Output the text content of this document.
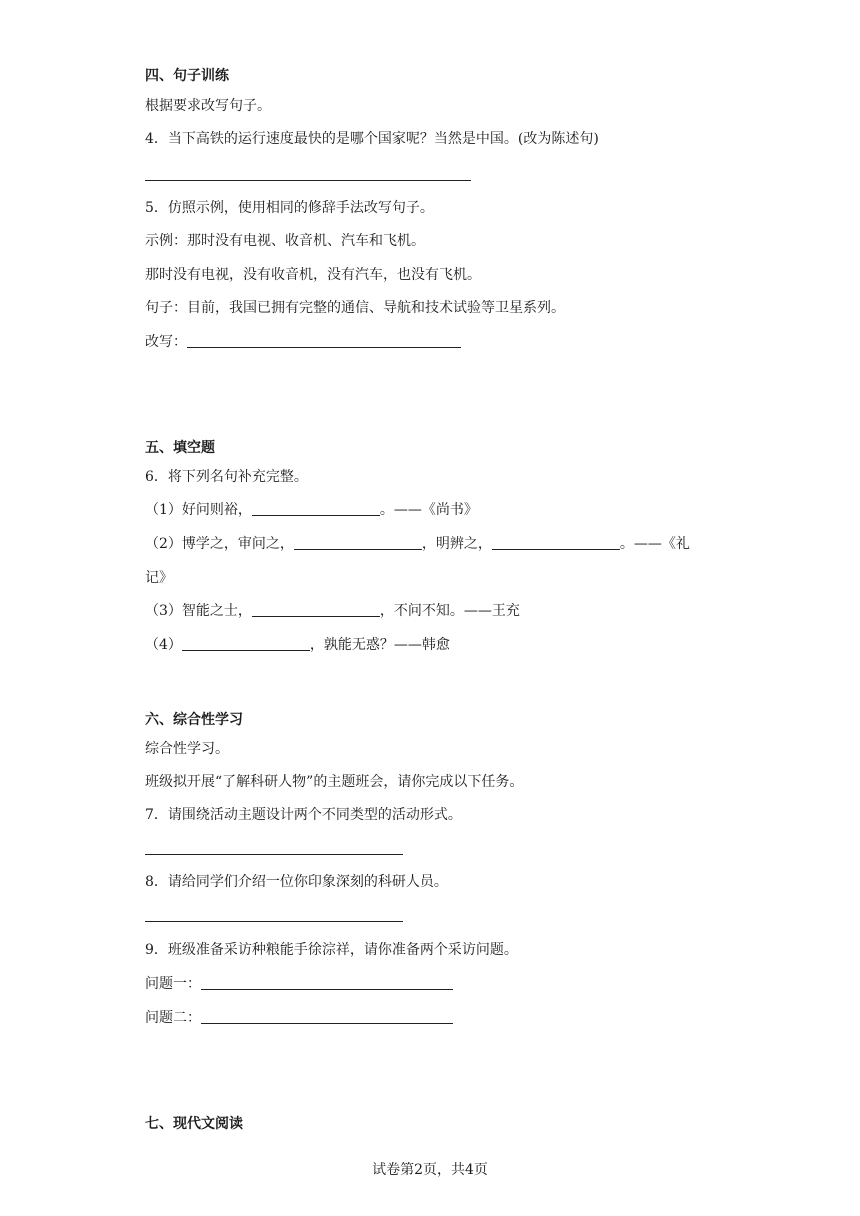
四、句子训练
根据要求改写句子。
4．当下高铁的运行速度最快的是哪个国家呢？当然是中国。(改为陈述句)
5．仿照示例，使用相同的修辞手法改写句子。
示例：那时没有电视、收音机、汽车和飞机。
那时没有电视，没有收音机，没有汽车，也没有飞机。
句子：目前，我国已拥有完整的通信、导航和技术试验等卫星系列。
改写：
五、填空题
6．将下列名句补充完整。
（1）好问则裕，	。——《尚书》
（2）博学之，审问之，	，明辨之，	。——《礼
记》
（3）智能之士，	，不问不知。——王充
（4）	，孰能无惑？——韩愈
六、综合性学习
综合性学习。
班级拟开展“了解科研人物”的主题班会，请你完成以下任务。
7．请围绕活动主题设计两个不同类型的活动形式。
8．请给同学们介绍一位你印象深刻的科研人员。
9．班级准备采访种粮能手徐淙祥，请你准备两个采访问题。
问题一：
问题二：
七、现代文阅读
试卷第2页，共4页
